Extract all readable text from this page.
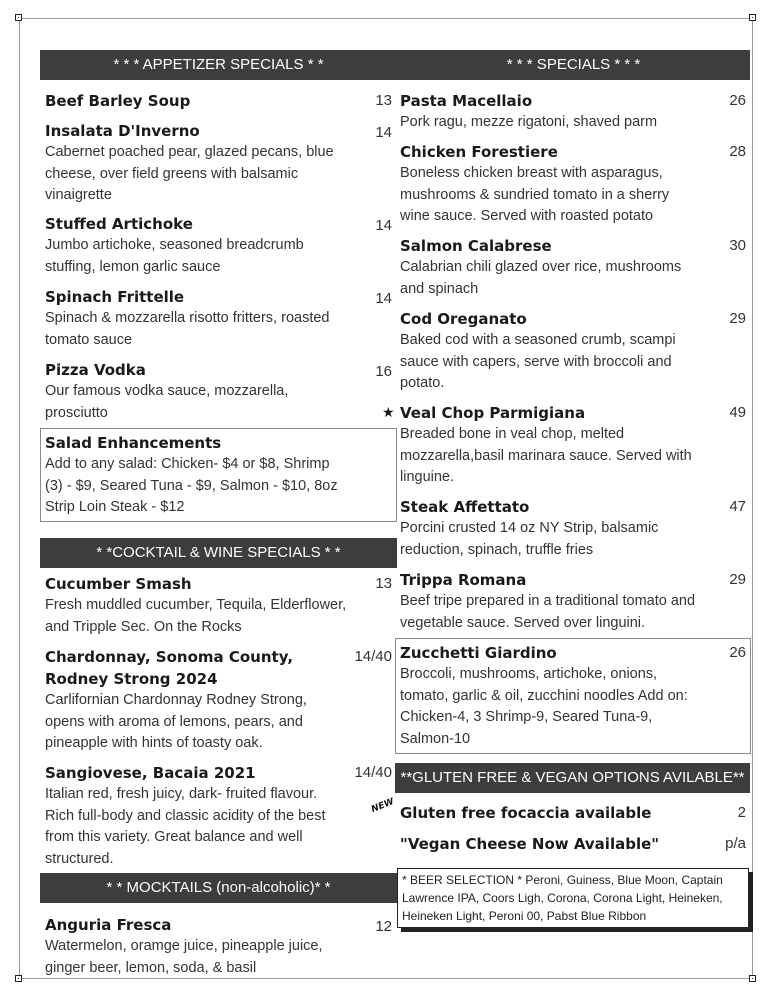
* * * APPETIZER SPECIALS * *
Beef Barley Soup	13
Insalata D'Inverno	14
Cabernet poached pear, glazed pecans, blue cheese, over field greens with balsamic vinaigrette
Stuffed Artichoke	14
Jumbo artichoke, seasoned breadcrumb stuffing, lemon garlic sauce
Spinach Frittelle	14
Spinach & mozzarella risotto fritters, roasted tomato sauce
Pizza Vodka	16
Our famous vodka sauce, mozzarella, prosciutto
Salad Enhancements
Add to any salad: Chicken- $4 or $8, Shrimp (3) - $9, Seared Tuna - $9, Salmon - $10, 8oz Strip Loin Steak - $12
* *COCKTAIL & WINE SPECIALS * *
Cucumber Smash	13
Fresh muddled cucumber, Tequila, Elderflower, and Tripple Sec. On the Rocks
Chardonnay, Sonoma County,	14/40
Rodney Strong 2024
Carlifornian Chardonnay Rodney Strong, opens with aroma of lemons, pears, and pineapple with hints of toasty oak.
Sangiovese, Bacaia 2021	14/40
Italian red, fresh juicy, dark- fruited flavour. Rich full-body and classic acidity of the best from this variety. Great balance and well structured.
* * MOCKTAILS (non-alcoholic)* *
Anguria Fresca	12
Watermelon, oramge juice, pineapple juice, ginger beer, lemon, soda, & basil
* * * SPECIALS * * *
Pasta Macellaio	26
Pork ragu, mezze rigatoni, shaved parm
Chicken Forestiere	28
Boneless chicken breast with asparagus, mushrooms & sundried tomato in a sherry wine sauce. Served with roasted potato
Salmon Calabrese	30
Calabrian chili glazed over rice, mushrooms and spinach
Cod Oreganato	29
Baked cod with a seasoned crumb, scampi sauce with capers, serve with broccoli and potato.
★ Veal Chop Parmigiana	49
Breaded bone in veal chop, melted mozzarella,basil marinara sauce. Served with linguine.
Steak Affettato	47
Porcini crusted 14 oz NY Strip, balsamic reduction, spinach, truffle fries
Trippa Romana	29
Beef tripe prepared in a traditional tomato and vegetable sauce. Served over linguini.
Zucchetti Giardino	26
Broccoli, mushrooms, artichoke, onions, tomato, garlic & oil, zucchini noodles Add on: Chicken-4, 3 Shrimp-9, Seared Tuna-9, Salmon-10
**GLUTEN FREE & VEGAN OPTIONS AVILABLE**
NEW Gluten free focaccia available	2
"Vegan Cheese Now Available"	p/a
* BEER SELECTION * Peroni, Guiness, Blue Moon, Captain Lawrence IPA, Coors Ligh, Corona, Corona Light, Heineken, Heineken Light, Peroni 00, Pabst Blue Ribbon
